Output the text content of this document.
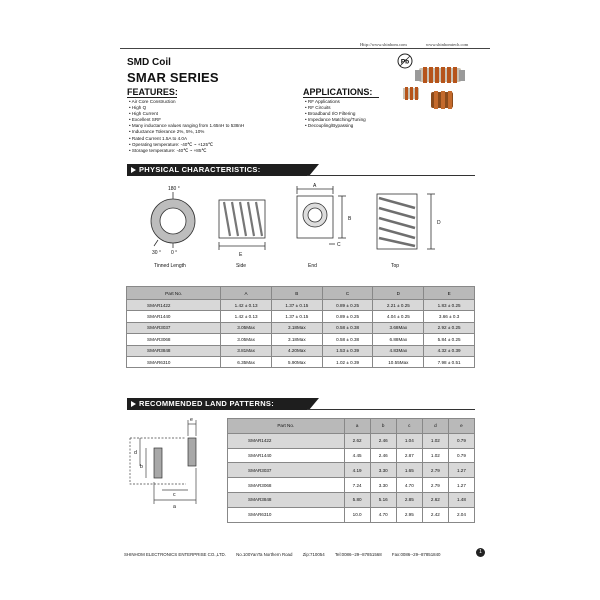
Http://www.shinhom.com	www.shinhomtech.com
SMD Coil
SMAR SERIES
Pb
FEATURES:
• Air Core Construction
• High Q
• High Current
• Excellent SRF
• Many inductance values ranging from 1.65nH to 538nH
• Inductance Tolerance 2%, 5%, 10%
• Rated Current 1.5A to 4.0A
• Operating temperature: -40℃ ~ +125℃
• Storage temperature: -40℃ ~ +85℃
APPLICATIONS:
• RF Applications
• RF Circuits
• Broadband I/O Filtering
• Impedance Matching/Tuning
• Decoupling/Bypassing
PHYSICAL CHARACTERISTICS:
180 °
30 ° 0 °	E
A
B
C
D
Tinned Length	Side	End	Top
Part No.	A	B	C	D	E
SMAR1422	1.42 ± 0.13	1.37 ± 0.15	0.89 ± 0.25	2.21 ± 0.25	1.83 ± 0.25
SMAR1440	1.42 ± 0.13	1.37 ± 0.15	0.89 ± 0.25	4.04 ± 0.25	3.66 ± 0.3
SMAR3037	3.05Max	3.18Max	0.58 ± 0.38	3.68Max	2.92 ± 0.25
SMAR3068	3.05Max	3.18Max	0.58 ± 0.38	6.88Max	5.84 ± 0.25
SMAR3848	3.81Max	4.20Max	1.53 ± 0.39	4.83Max	4.32 ± 0.39
SMAR6310	6.35Max	5.90Max	1.02 ± 0.39	10.55Max	7.98 ± 0.51
RECOMMENDED LAND PATTERNS:
e
d
b
c
a
Part No.	a	b	c	d	e
SMAR1422	2.62	2.46	1.04	1.02	0.79
SMAR1440	4.45	2.46	2.87	1.02	0.79
SMAR3037	4.19	3.30	1.65	2.79	1.27
SMAR3068	7.24	3.30	4.70	2.79	1.27
SMAR3848	5.80	5.16	2.85	2.62	1.48
SMAR6310	10.0	4.70	2.95	2.42	2.04
SHINHOM ELECTRONICS ENTERPRISE CO.,LTD. No.100YanTa Northern Road Zip:710054 Tel:0086--29--87851568 Fax:0086--29--87851840	1
